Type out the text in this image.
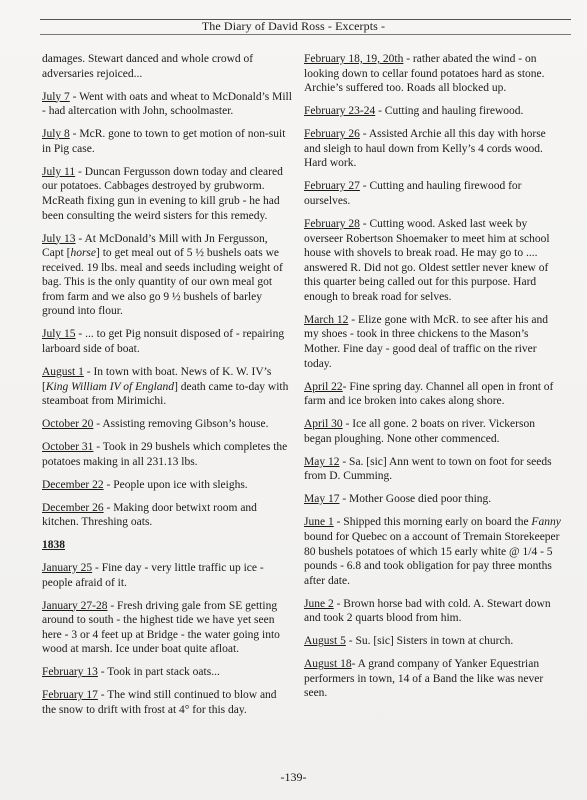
The Diary of David Ross - Excerpts -
damages. Stewart danced and whole crowd of adversaries rejoiced...
July 7 - Went with oats and wheat to McDonald’s Mill - had altercation with John, schoolmaster.
July 8 - McR. gone to town to get motion of non-suit in Pig case.
July 11 - Duncan Fergusson down today and cleared our potatoes. Cabbages destroyed by grubworm. McReath fixing gun in evening to kill grub - he had been consulting the weird sisters for this remedy.
July 13 - At McDonald’s Mill with Jn Fergusson, Capt [horse] to get meal out of 5 ½ bushels oats we received. 19 lbs. meal and seeds including weight of bag. This is the only quantity of our own meal got from farm and we also go 9 ½ bushels of barley ground into flour.
July 15 - ... to get Pig nonsuit disposed of - repairing larboard side of boat.
August 1 - In town with boat. News of K. W. IV’s [King William IV of England] death came to-day with steamboat from Mirimichi.
October 20 - Assisting removing Gibson’s house.
October 31 - Took in 29 bushels which completes the potatoes making in all 231.13 lbs.
December 22 - People upon ice with sleighs.
December 26 - Making door betwixt room and kitchen. Threshing oats.
1838
January 25 - Fine day - very little traffic up ice - people afraid of it.
January 27-28 - Fresh driving gale from SE getting around to south - the highest tide we have yet seen here - 3 or 4 feet up at Bridge - the water going into wood at marsh. Ice under boat quite afloat.
February 13 - Took in part stack oats...
February 17 - The wind still continued to blow and the snow to drift with frost at 4° for this day.
February 18, 19, 20th - rather abated the wind - on looking down to cellar found potatoes hard as stone. Archie’s suffered too. Roads all blocked up.
February 23-24 - Cutting and hauling firewood.
February 26 - Assisted Archie all this day with horse and sleigh to haul down from Kelly’s 4 cords wood. Hard work.
February 27 - Cutting and hauling firewood for ourselves.
February 28 - Cutting wood. Asked last week by overseer Robertson Shoemaker to meet him at school house with shovels to break road. He may go to .... answered R. Did not go. Oldest settler never knew of this quarter being called out for this purpose. Hard enough to break road for selves.
March 12 - Elize gone with McR. to see after his and my shoes - took in three chickens to the Mason’s Mother. Fine day - good deal of traffic on the river today.
April 22- Fine spring day. Channel all open in front of farm and ice broken into cakes along shore.
April 30 - Ice all gone. 2 boats on river. Vickerson began ploughing. None other commenced.
May 12 - Sa. [sic] Ann went to town on foot for seeds from D. Cumming.
May 17 - Mother Goose died poor thing.
June 1 - Shipped this morning early on board the Fanny bound for Quebec on a account of Tremain Storekeeper 80 bushels potatoes of which 15 early white @ 1/4 - 5 pounds - 6.8 and took obligation for pay three months after date.
June 2 - Brown horse bad with cold. A. Stewart down and took 2 quarts blood from him.
August 5 - Su. [sic] Sisters in town at church.
August 18- A grand company of Yanker Equestrian performers in town, 14 of a Band the like was never seen.
-139-
